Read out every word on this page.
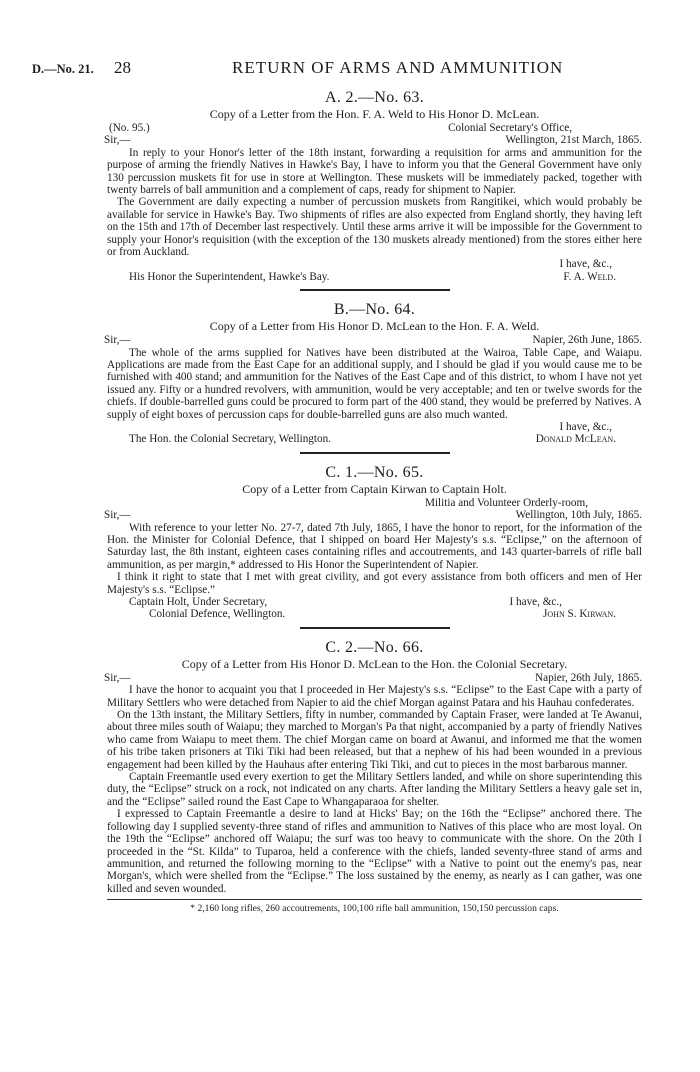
D.—No. 21. 28	RETURN OF ARMS AND AMMUNITION
A. 2.—No. 63.
Copy of a Letter from the Hon. F. A. Weld to His Honor D. McLean.
(No. 95.)	Colonial Secretary's Office,
Sir,—	Wellington, 21st March, 1865.

In reply to your Honor's letter of the 18th instant, forwarding a requisition for arms and ammunition for the purpose of arming the friendly Natives in Hawke's Bay, I have to inform you that the General Government have only 130 percussion muskets fit for use in store at Wellington. These muskets will be immediately packed, together with twenty barrels of ball ammunition and a complement of caps, ready for shipment to Napier.

The Government are daily expecting a number of percussion muskets from Rangitikei, which would probably be available for service in Hawke's Bay. Two shipments of rifles are also expected from England shortly, they having left on the 15th and 17th of December last respectively. Until these arms arrive it will be impossible for the Government to supply your Honor's requisition (with the exception of the 130 muskets already mentioned) from the stores either here or from Auckland.

I have, &c.,
His Honor the Superintendent, Hawke's Bay.	F. A. Weld.
B.—No. 64.
Copy of a Letter from His Honor D. McLean to the Hon. F. A. Weld.
Sir,—	Napier, 26th June, 1865.

The whole of the arms supplied for Natives have been distributed at the Wairoa, Table Cape, and Waiapu. Applications are made from the East Cape for an additional supply, and I should be glad if you would cause me to be furnished with 400 stand; and ammunition for the Natives of the East Cape and of this district, to whom I have not yet issued any. Fifty or a hundred revolvers, with ammunition, would be very acceptable; and ten or twelve swords for the chiefs. If double-barrelled guns could be procured to form part of the 400 stand, they would be preferred by Natives. A supply of eight boxes of percussion caps for double-barrelled guns are also much wanted.

I have, &c.,
The Hon. the Colonial Secretary, Wellington.	Donald McLean.
C. 1.—No. 65.
Copy of a Letter from Captain Kirwan to Captain Holt.
Militia and Volunteer Orderly-room,
Sir,—	Wellington, 10th July, 1865.

With reference to your letter No. 27-7, dated 7th July, 1865, I have the honor to report, for the information of the Hon. the Minister for Colonial Defence, that I shipped on board Her Majesty's s.s. “Eclipse,” on the afternoon of Saturday last, the 8th instant, eighteen cases containing rifles and accoutrements, and 143 quarter-barrels of rifle ball ammunition, as per margin,* addressed to His Honor the Superintendent of Napier.

I think it right to state that I met with great civility, and got every assistance from both officers and men of Her Majesty's s.s. “Eclipse.”

Captain Holt, Under Secretary,	I have, &c.,
Colonial Defence, Wellington.	John S. Kirwan.
C. 2.—No. 66.
Copy of a Letter from His Honor D. McLean to the Hon. the Colonial Secretary.
Sir,—	Napier, 26th July, 1865.

I have the honor to acquaint you that I proceeded in Her Majesty's s.s. “Eclipse” to the East Cape with a party of Military Settlers who were detached from Napier to aid the chief Morgan against Patara and his Hauhau confederates.

On the 13th instant, the Military Settlers, fifty in number, commanded by Captain Fraser, were landed at Te Awanui, about three miles south of Waiapu; they marched to Morgan's Pa that night, accompanied by a party of friendly Natives who came from Waiapu to meet them. The chief Morgan came on board at Awanui, and informed me that the women of his tribe taken prisoners at Tiki Tiki had been released, but that a nephew of his had been wounded in a previous engagement had been killed by the Hauhaus after entering Tiki Tiki, and cut to pieces in the most barbarous manner.

Captain Freemantle used every exertion to get the Military Settlers landed, and while on shore superintending this duty, the “Eclipse” struck on a rock, not indicated on any charts. After landing the Military Settlers a heavy gale set in, and the “Eclipse” sailed round the East Cape to Whangaparaoa for shelter.

I expressed to Captain Freemantle a desire to land at Hicks' Bay; on the 16th the “Eclipse” anchored there. The following day I supplied seventy-three stand of rifles and ammunition to Natives of this place who are most loyal. On the 19th the “Eclipse” anchored off Waiapu; the surf was too heavy to communicate with the shore. On the 20th I proceeded in the “St. Kilda” to Tuparoa, held a conference with the chiefs, landed seventy-three stand of arms and ammunition, and returned the following morning to the “Eclipse” with a Native to point out the enemy's pas, near Morgan's, which were shelled from the “Eclipse.” The loss sustained by the enemy, as nearly as I can gather, was one killed and seven wounded.

* 2,160 long rifles, 260 accoutrements, 100,100 rifle ball ammunition, 150,150 percussion caps.
